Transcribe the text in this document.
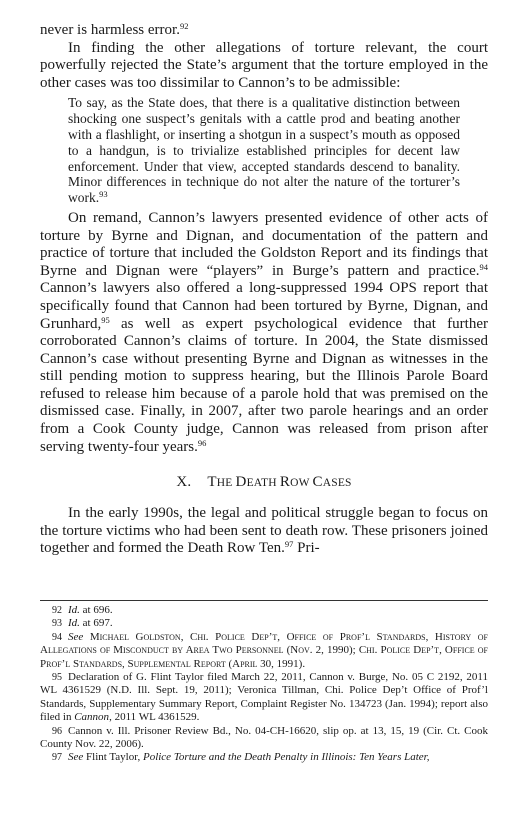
never is harmless error.$^{92}$

In finding the other allegations of torture relevant, the court powerfully rejected the State’s argument that the torture employed in the other cases was too dissimilar to Cannon’s to be admissible:

To say, as the State does, that there is a qualitative distinction between shocking one suspect’s genitals with a cattle prod and beating another with a flashlight, or inserting a shotgun in a suspect’s mouth as opposed to a handgun, is to trivialize established principles for decent law enforcement. Under that view, accepted standards descend to banality. Minor differences in technique do not alter the nature of the torturer’s work.$^{93}$

On remand, Cannon’s lawyers presented evidence of other acts of torture by Byrne and Dignan, and documentation of the pattern and practice of torture that included the Goldston Report and its findings that Byrne and Dignan were “players” in Burge’s pattern and practice.$^{94}$ Cannon’s lawyers also offered a long-suppressed 1994 OPS report that specifically found that Cannon had been tortured by Byrne, Dignan, and Grunhard,$^{95}$ as well as expert psychological evidence that further corroborated Cannon’s claims of torture. In 2004, the State dismissed Cannon’s case without presenting Byrne and Dignan as witnesses in the still pending motion to suppress hearing, but the Illinois Parole Board refused to release him because of a parole hold that was premised on the dismissed case. Finally, in 2007, after two parole hearings and an order from a Cook County judge, Cannon was released from prison after serving twenty-four years.$^{96}$

X. THE DEATH ROW CASES

In the early 1990s, the legal and political struggle began to focus on the torture victims who had been sent to death row. These prisoners joined together and formed the Death Row Ten.$^{97}$ Pri-

92 Id. at 696.

93 Id. at 697.

94 See Michael Goldston, Chi. Police Dep’t, Office of Prof’l Standards, History of Allegations of Misconduct by Area Two Personnel (Nov. 2, 1990); Chi. Police Dep’t, Office of Prof’l Standards, Supplemental Report (April 30, 1991).

95 Declaration of G. Flint Taylor filed March 22, 2011, Cannon v. Burge, No. 05 C 2192, 2011 WL 4361529 (N.D. Ill. Sept. 19, 2011); Veronica Tillman, Chi. Police Dep’t Office of Prof’l Standards, Supplementary Summary Report, Complaint Register No. 134723 (Jan. 1994); report also filed in Cannon, 2011 WL 4361529.

96 Cannon v. Ill. Prisoner Review Bd., No. 04-CH-16620, slip op. at 13, 15, 19 (Cir. Ct. Cook County Nov. 22, 2006).

97 See Flint Taylor, Police Torture and the Death Penalty in Illinois: Ten Years Later,
